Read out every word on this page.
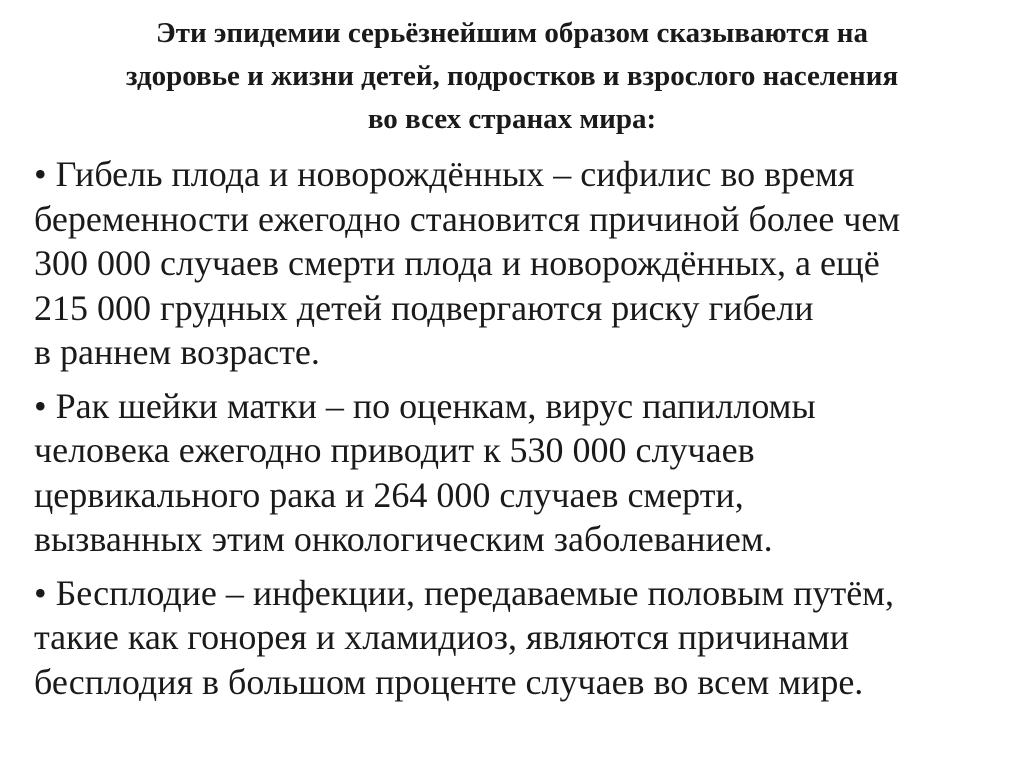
Эти эпидемии серьёзнейшим образом сказываются на
здоровье и жизни детей, подростков и взрослого населения
во всех странах мира:
• Гибель плода и новорождённых – сифилис во время
беременности ежегодно становится причиной более чем
300 000 случаев смерти плода и новорождённых, а ещё
215 000 грудных детей подвергаются риску гибели
в раннем возрасте.
• Рак шейки матки – по оценкам, вирус папилломы
человека ежегодно приводит к 530 000 случаев
цервикального рака и 264 000 случаев смерти,
вызванных этим онкологическим заболеванием.
• Бесплодие – инфекции, передаваемые половым путём,
такие как гонорея и хламидиоз, являются причинами
бесплодия в большом проценте случаев во всем мире.
